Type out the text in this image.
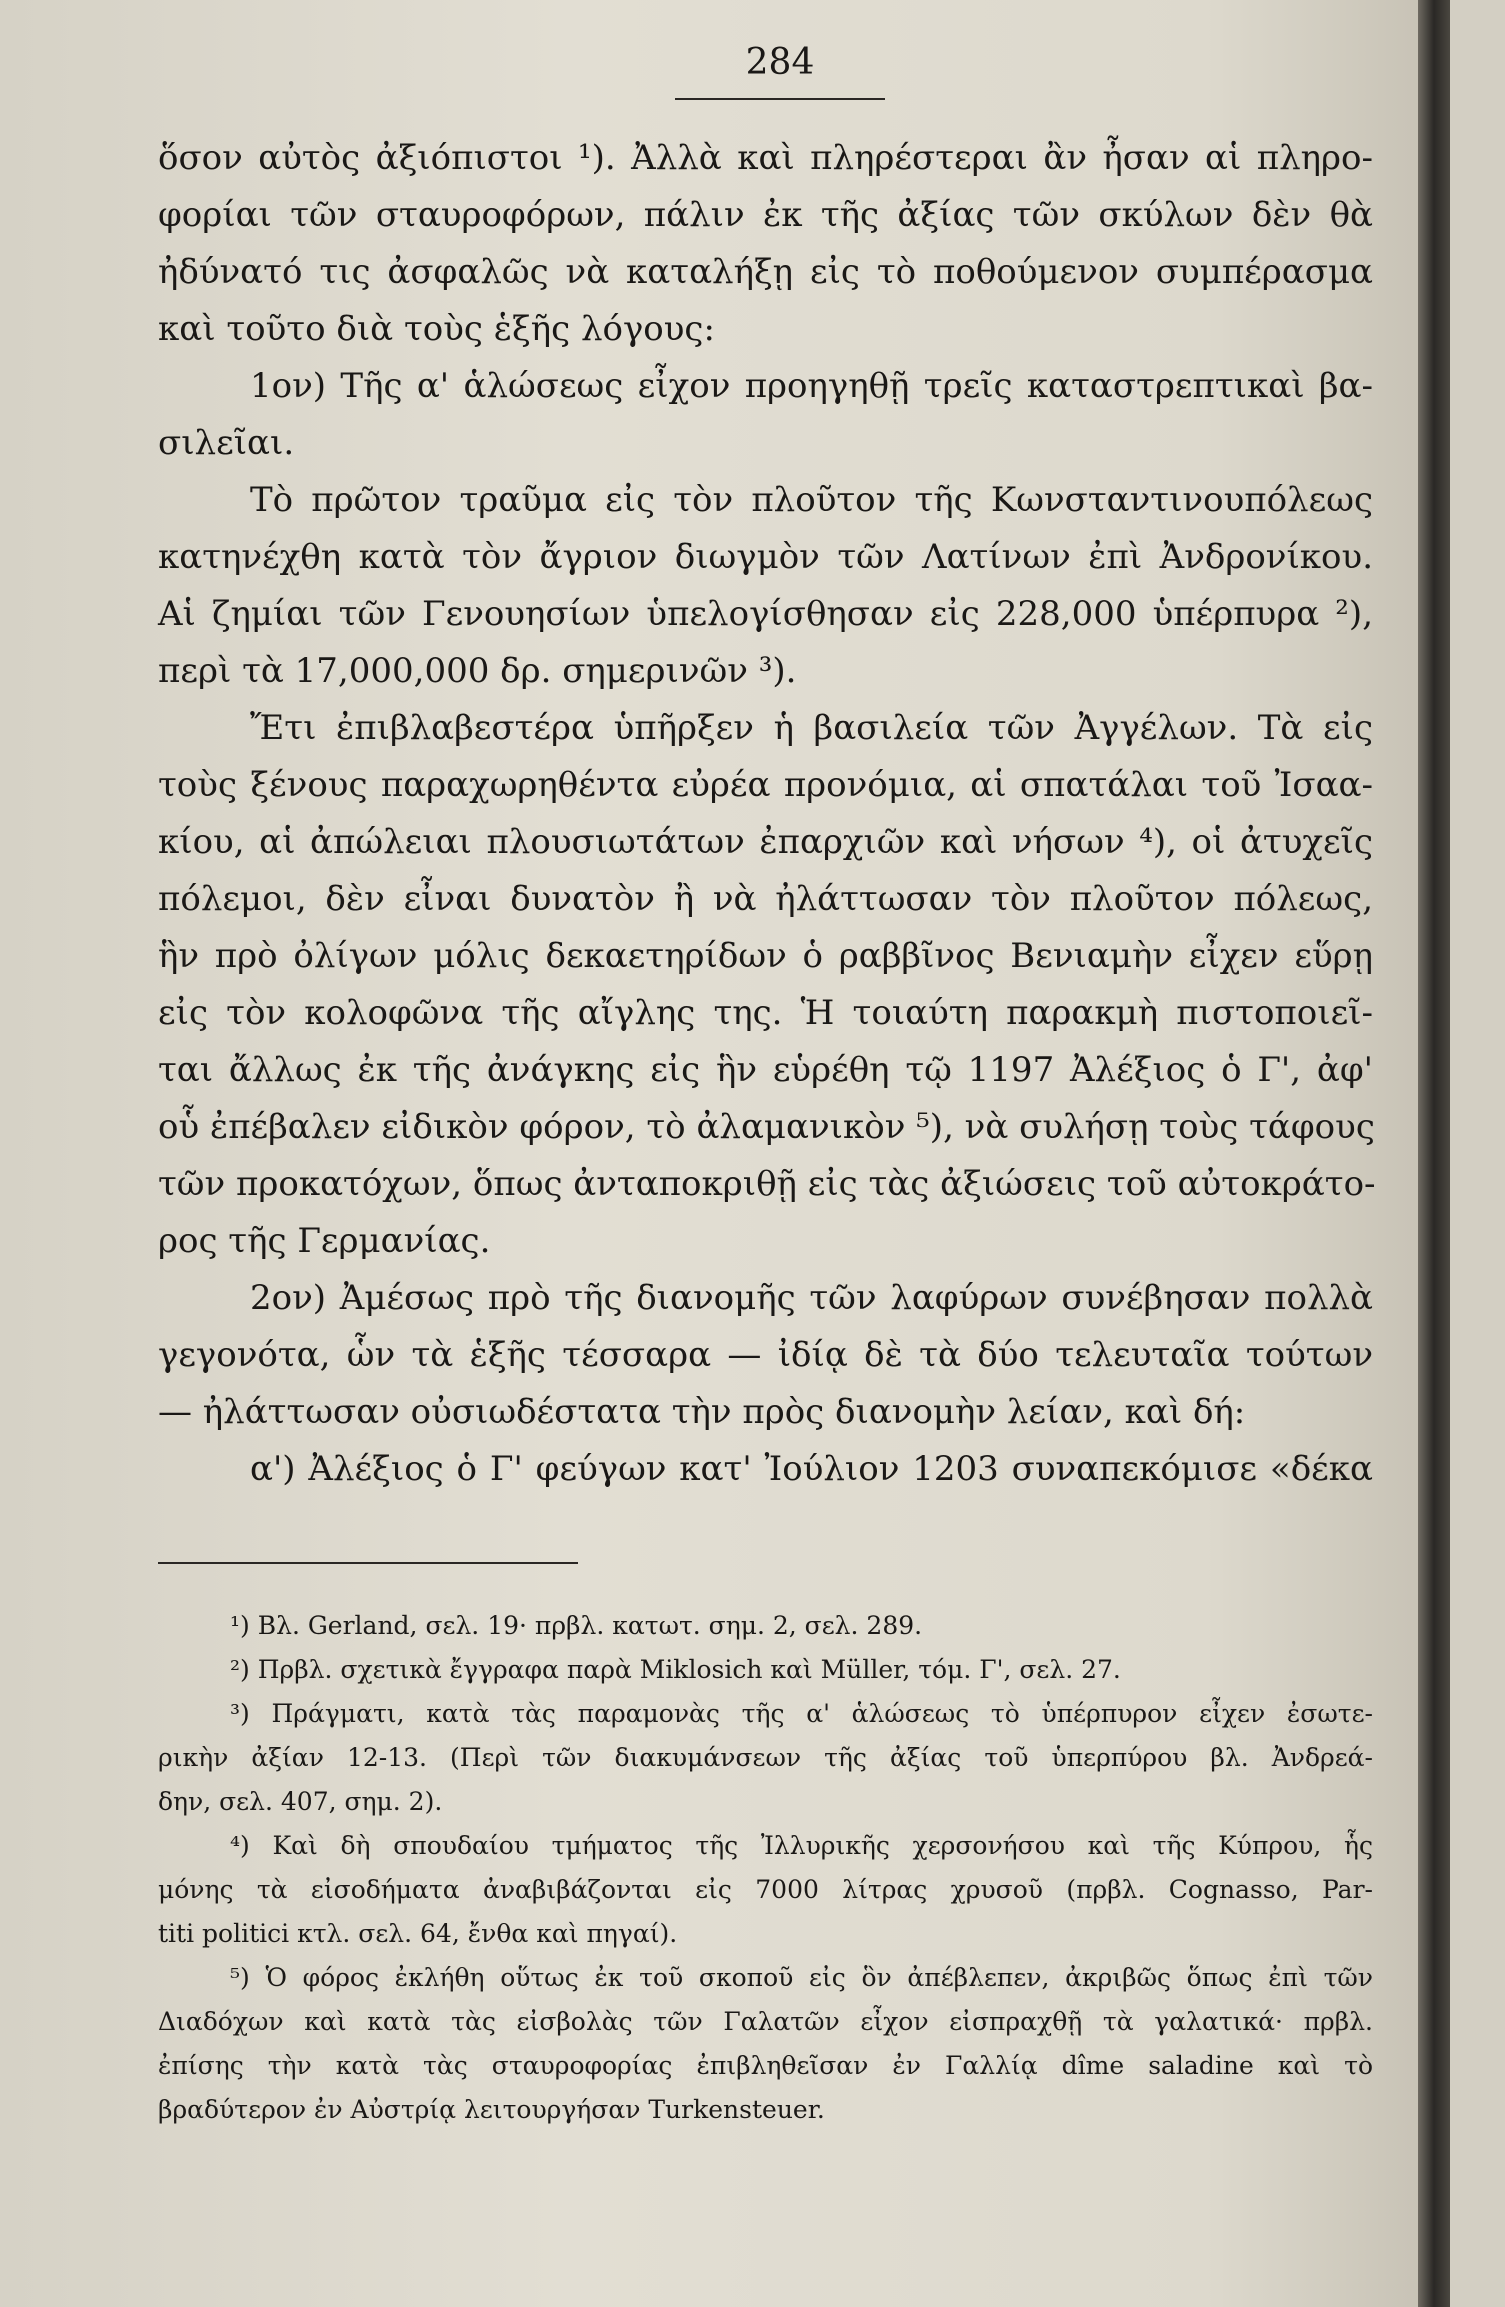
284
ὅσον αὐτὸς ἀξιόπιστοι ¹). Ἀλλὰ καὶ πληρέστεραι ἂν ἦσαν αἱ πληρο-
φορίαι τῶν σταυροφόρων, πάλιν ἐκ τῆς ἀξίας τῶν σκύλων δὲν θὰ
ἠδύνατό τις ἀσφαλῶς νὰ καταλήξῃ εἰς τὸ ποθούμενον συμπέρασμα
καὶ τοῦτο διὰ τοὺς ἑξῆς λόγους:
1ον) Τῆς α' ἁλώσεως εἶχον προηγηθῇ τρεῖς καταστρεπτικαὶ βα-
σιλεῖαι.
Τὸ πρῶτον τραῦμα εἰς τὸν πλοῦτον τῆς Κωνσταντινουπόλεως
κατηνέχθη κατὰ τὸν ἄγριον διωγμὸν τῶν Λατίνων ἐπὶ Ἀνδρονίκου.
Αἱ ζημίαι τῶν Γενουησίων ὑπελογίσθησαν εἰς 228,000 ὑπέρπυρα ²),
περὶ τὰ 17,000,000 δρ. σημερινῶν ³).
Ἔτι ἐπιβλαβεστέρα ὑπῆρξεν ἡ βασιλεία τῶν Ἀγγέλων. Τὰ εἰς
τοὺς ξένους παραχωρηθέντα εὐρέα προνόμια, αἱ σπατάλαι τοῦ Ἰσαα-
κίου, αἱ ἀπώλειαι πλουσιωτάτων ἐπαρχιῶν καὶ νήσων ⁴), οἱ ἀτυχεῖς
πόλεμοι, δὲν εἶναι δυνατὸν ἢ νὰ ἠλάττωσαν τὸν πλοῦτον πόλεως,
ἣν πρὸ ὀλίγων μόλις δεκαετηρίδων ὁ ραββῖνος Βενιαμὴν εἶχεν εὕρῃ
εἰς τὸν κολοφῶνα τῆς αἴγλης της. Ἡ τοιαύτη παρακμὴ πιστοποιεῖ-
ται ἄλλως ἐκ τῆς ἀνάγκης εἰς ἣν εὑρέθη τῷ 1197 Ἀλέξιος ὁ Γ', ἀφ'
οὗ ἐπέβαλεν εἰδικὸν φόρον, τὸ ἀλαμανικὸν ⁵), νὰ συλήσῃ τοὺς τάφους
τῶν προκατόχων, ὅπως ἀνταποκριθῇ εἰς τὰς ἀξιώσεις τοῦ αὐτοκράτο-
ρος τῆς Γερμανίας.
2ον) Ἀμέσως πρὸ τῆς διανομῆς τῶν λαφύρων συνέβησαν πολλὰ
γεγονότα, ὧν τὰ ἑξῆς τέσσαρα — ἰδίᾳ δὲ τὰ δύο τελευταῖα τούτων
— ἠλάττωσαν οὐσιωδέστατα τὴν πρὸς διανομὴν λείαν, καὶ δή:
α') Ἀλέξιος ὁ Γ' φεύγων κατ' Ἰούλιον 1203 συναπεκόμισε «δέκα
¹) Βλ. Gerland, σελ. 19· πρβλ. κατωτ. σημ. 2, σελ. 289.
²) Πρβλ. σχετικὰ ἔγγραφα παρὰ Miklosich καὶ Müller, τόμ. Γ', σελ. 27.
³) Πράγματι, κατὰ τὰς παραμονὰς τῆς α' ἁλώσεως τὸ ὑπέρπυρον εἶχεν ἐσωτε-
ρικὴν ἀξίαν 12-13. (Περὶ τῶν διακυμάνσεων τῆς ἀξίας τοῦ ὑπερπύρου βλ. Ἀνδρεά-
δην, σελ. 407, σημ. 2).
⁴) Καὶ δὴ σπουδαίου τμήματος τῆς Ἰλλυρικῆς χερσονήσου καὶ τῆς Κύπρου, ἧς
μόνης τὰ εἰσοδήματα ἀναβιβάζονται εἰς 7000 λίτρας χρυσοῦ (πρβλ. Cognasso, Par-
titi politici κτλ. σελ. 64, ἔνθα καὶ πηγαί).
⁵) Ὁ φόρος ἐκλήθη οὕτως ἐκ τοῦ σκοποῦ εἰς ὃν ἀπέβλεπεν, ἀκριβῶς ὅπως ἐπὶ τῶν
Διαδόχων καὶ κατὰ τὰς εἰσβολὰς τῶν Γαλατῶν εἶχον εἰσπραχθῇ τὰ γαλατικά· πρβλ.
ἐπίσης τὴν κατὰ τὰς σταυροφορίας ἐπιβληθεῖσαν ἐν Γαλλίᾳ dîme saladine καὶ τὸ
βραδύτερον ἐν Αὐστρίᾳ λειτουργήσαν Turkensteuer.
